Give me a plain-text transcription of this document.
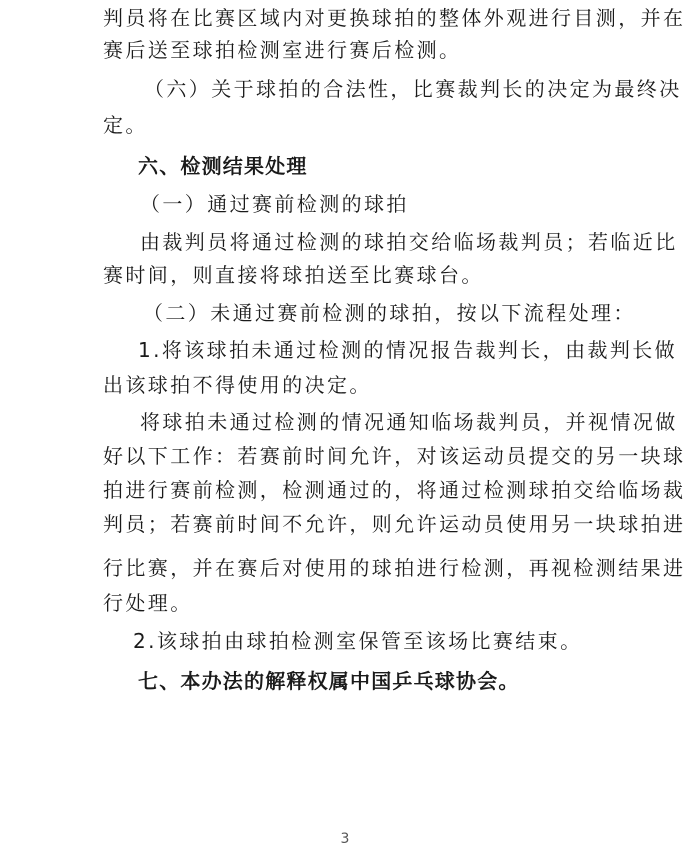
判员将在比赛区域内对更换球拍的整体外观进行目测，并在
赛后送至球拍检测室进行赛后检测。
（六）关于球拍的合法性，比赛裁判长的决定为最终决
定。
六、检测结果处理
（一）通过赛前检测的球拍
由裁判员将通过检测的球拍交给临场裁判员；若临近比
赛时间，则直接将球拍送至比赛球台。
（二）未通过赛前检测的球拍，按以下流程处理：
1.将该球拍未通过检测的情况报告裁判长，由裁判长做
出该球拍不得使用的决定。
将球拍未通过检测的情况通知临场裁判员，并视情况做
好以下工作：若赛前时间允许，对该运动员提交的另一块球
拍进行赛前检测，检测通过的，将通过检测球拍交给临场裁
判员；若赛前时间不允许，则允许运动员使用另一块球拍进
行比赛，并在赛后对使用的球拍进行检测，再视检测结果进
行处理。
2.该球拍由球拍检测室保管至该场比赛结束。
七、本办法的解释权属中国乒乓球协会。
3
